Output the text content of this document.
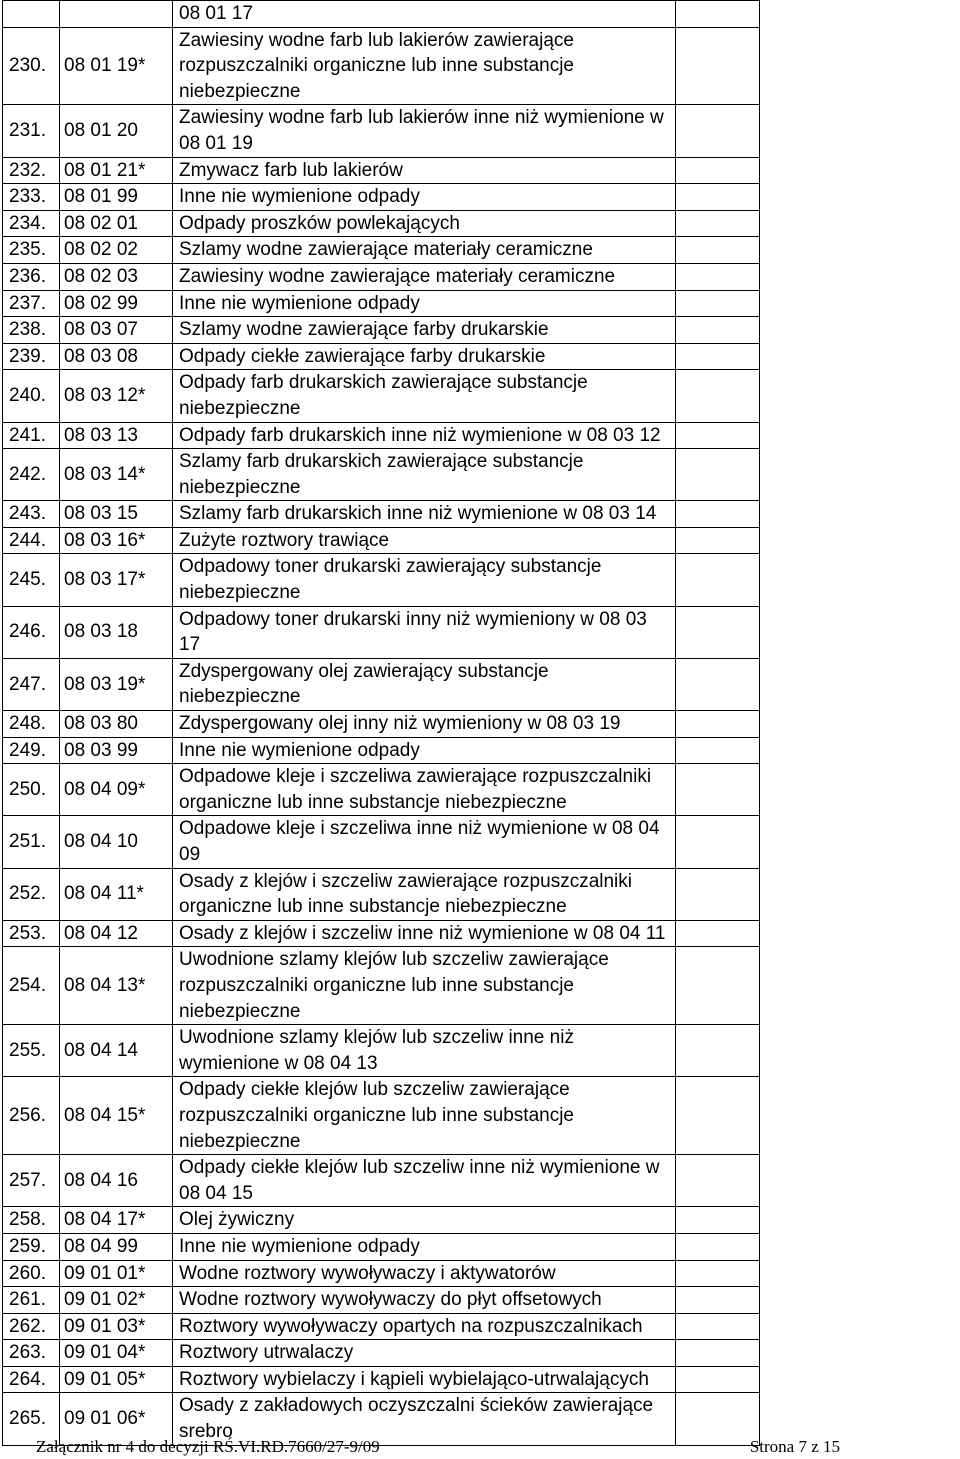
		08 01 17	
230.	08 01 19*	Zawiesiny wodne farb lub lakierów zawierające rozpuszczalniki organiczne lub inne substancje niebezpieczne	
231.	08 01 20	Zawiesiny wodne farb lub lakierów inne niż wymienione w 08 01 19	
232.	08 01 21*	Zmywacz farb lub lakierów	
233.	08 01 99	Inne nie wymienione odpady	
234.	08 02 01	Odpady proszków powlekających	
235.	08 02 02	Szlamy wodne zawierające materiały ceramiczne	
236.	08 02 03	Zawiesiny wodne zawierające materiały ceramiczne	
237.	08 02 99	Inne nie wymienione odpady	
238.	08 03 07	Szlamy wodne zawierające farby drukarskie	
239.	08 03 08	Odpady ciekłe zawierające farby drukarskie	
240.	08 03 12*	Odpady farb drukarskich zawierające substancje niebezpieczne	
241.	08 03 13	Odpady farb drukarskich inne niż wymienione w 08 03 12	
242.	08 03 14*	Szlamy farb drukarskich zawierające substancje niebezpieczne	
243.	08 03 15	Szlamy farb drukarskich inne niż wymienione w 08 03 14	
244.	08 03 16*	Zużyte roztwory trawiące	
245.	08 03 17*	Odpadowy toner drukarski zawierający substancje niebezpieczne	
246.	08 03 18	Odpadowy toner drukarski inny niż wymieniony w 08 03 17	
247.	08 03 19*	Zdyspergowany olej zawierający substancje niebezpieczne	
248.	08 03 80	Zdyspergowany olej inny niż wymieniony w 08 03 19	
249.	08 03 99	Inne nie wymienione odpady	
250.	08 04 09*	Odpadowe kleje i szczeliwa zawierające rozpuszczalniki organiczne lub inne substancje niebezpieczne	
251.	08 04 10	Odpadowe kleje i szczeliwa inne niż wymienione w 08 04 09	
252.	08 04 11*	Osady z klejów i szczeliw zawierające rozpuszczalniki organiczne lub inne substancje niebezpieczne	
253.	08 04 12	Osady z klejów i szczeliw inne niż wymienione w 08 04 11	
254.	08 04 13*	Uwodnione szlamy klejów lub szczeliw zawierające rozpuszczalniki organiczne lub inne substancje niebezpieczne	
255.	08 04 14	Uwodnione szlamy klejów lub szczeliw inne niż wymienione w 08 04 13	
256.	08 04 15*	Odpady ciekłe klejów lub szczeliw zawierające rozpuszczalniki organiczne lub inne substancje niebezpieczne	
257.	08 04 16	Odpady ciekłe klejów lub szczeliw inne niż wymienione w 08 04 15	
258.	08 04 17*	Olej żywiczny	
259.	08 04 99	Inne nie wymienione odpady	
260.	09 01 01*	Wodne roztwory wywoływaczy i aktywatorów	
261.	09 01 02*	Wodne roztwory wywoływaczy do płyt offsetowych	
262.	09 01 03*	Roztwory wywoływaczy opartych na rozpuszczalnikach	
263.	09 01 04*	Roztwory utrwalaczy	
264.	09 01 05*	Roztwory wybielaczy i kąpieli wybielająco-utrwalających	
265.	09 01 06*	Osady z zakładowych oczyszczalni ścieków zawierające srebro	
Załącznik nr 4 do decyzji RŚ.VI.RD.7660/27-9/09	Strona 7 z 15
